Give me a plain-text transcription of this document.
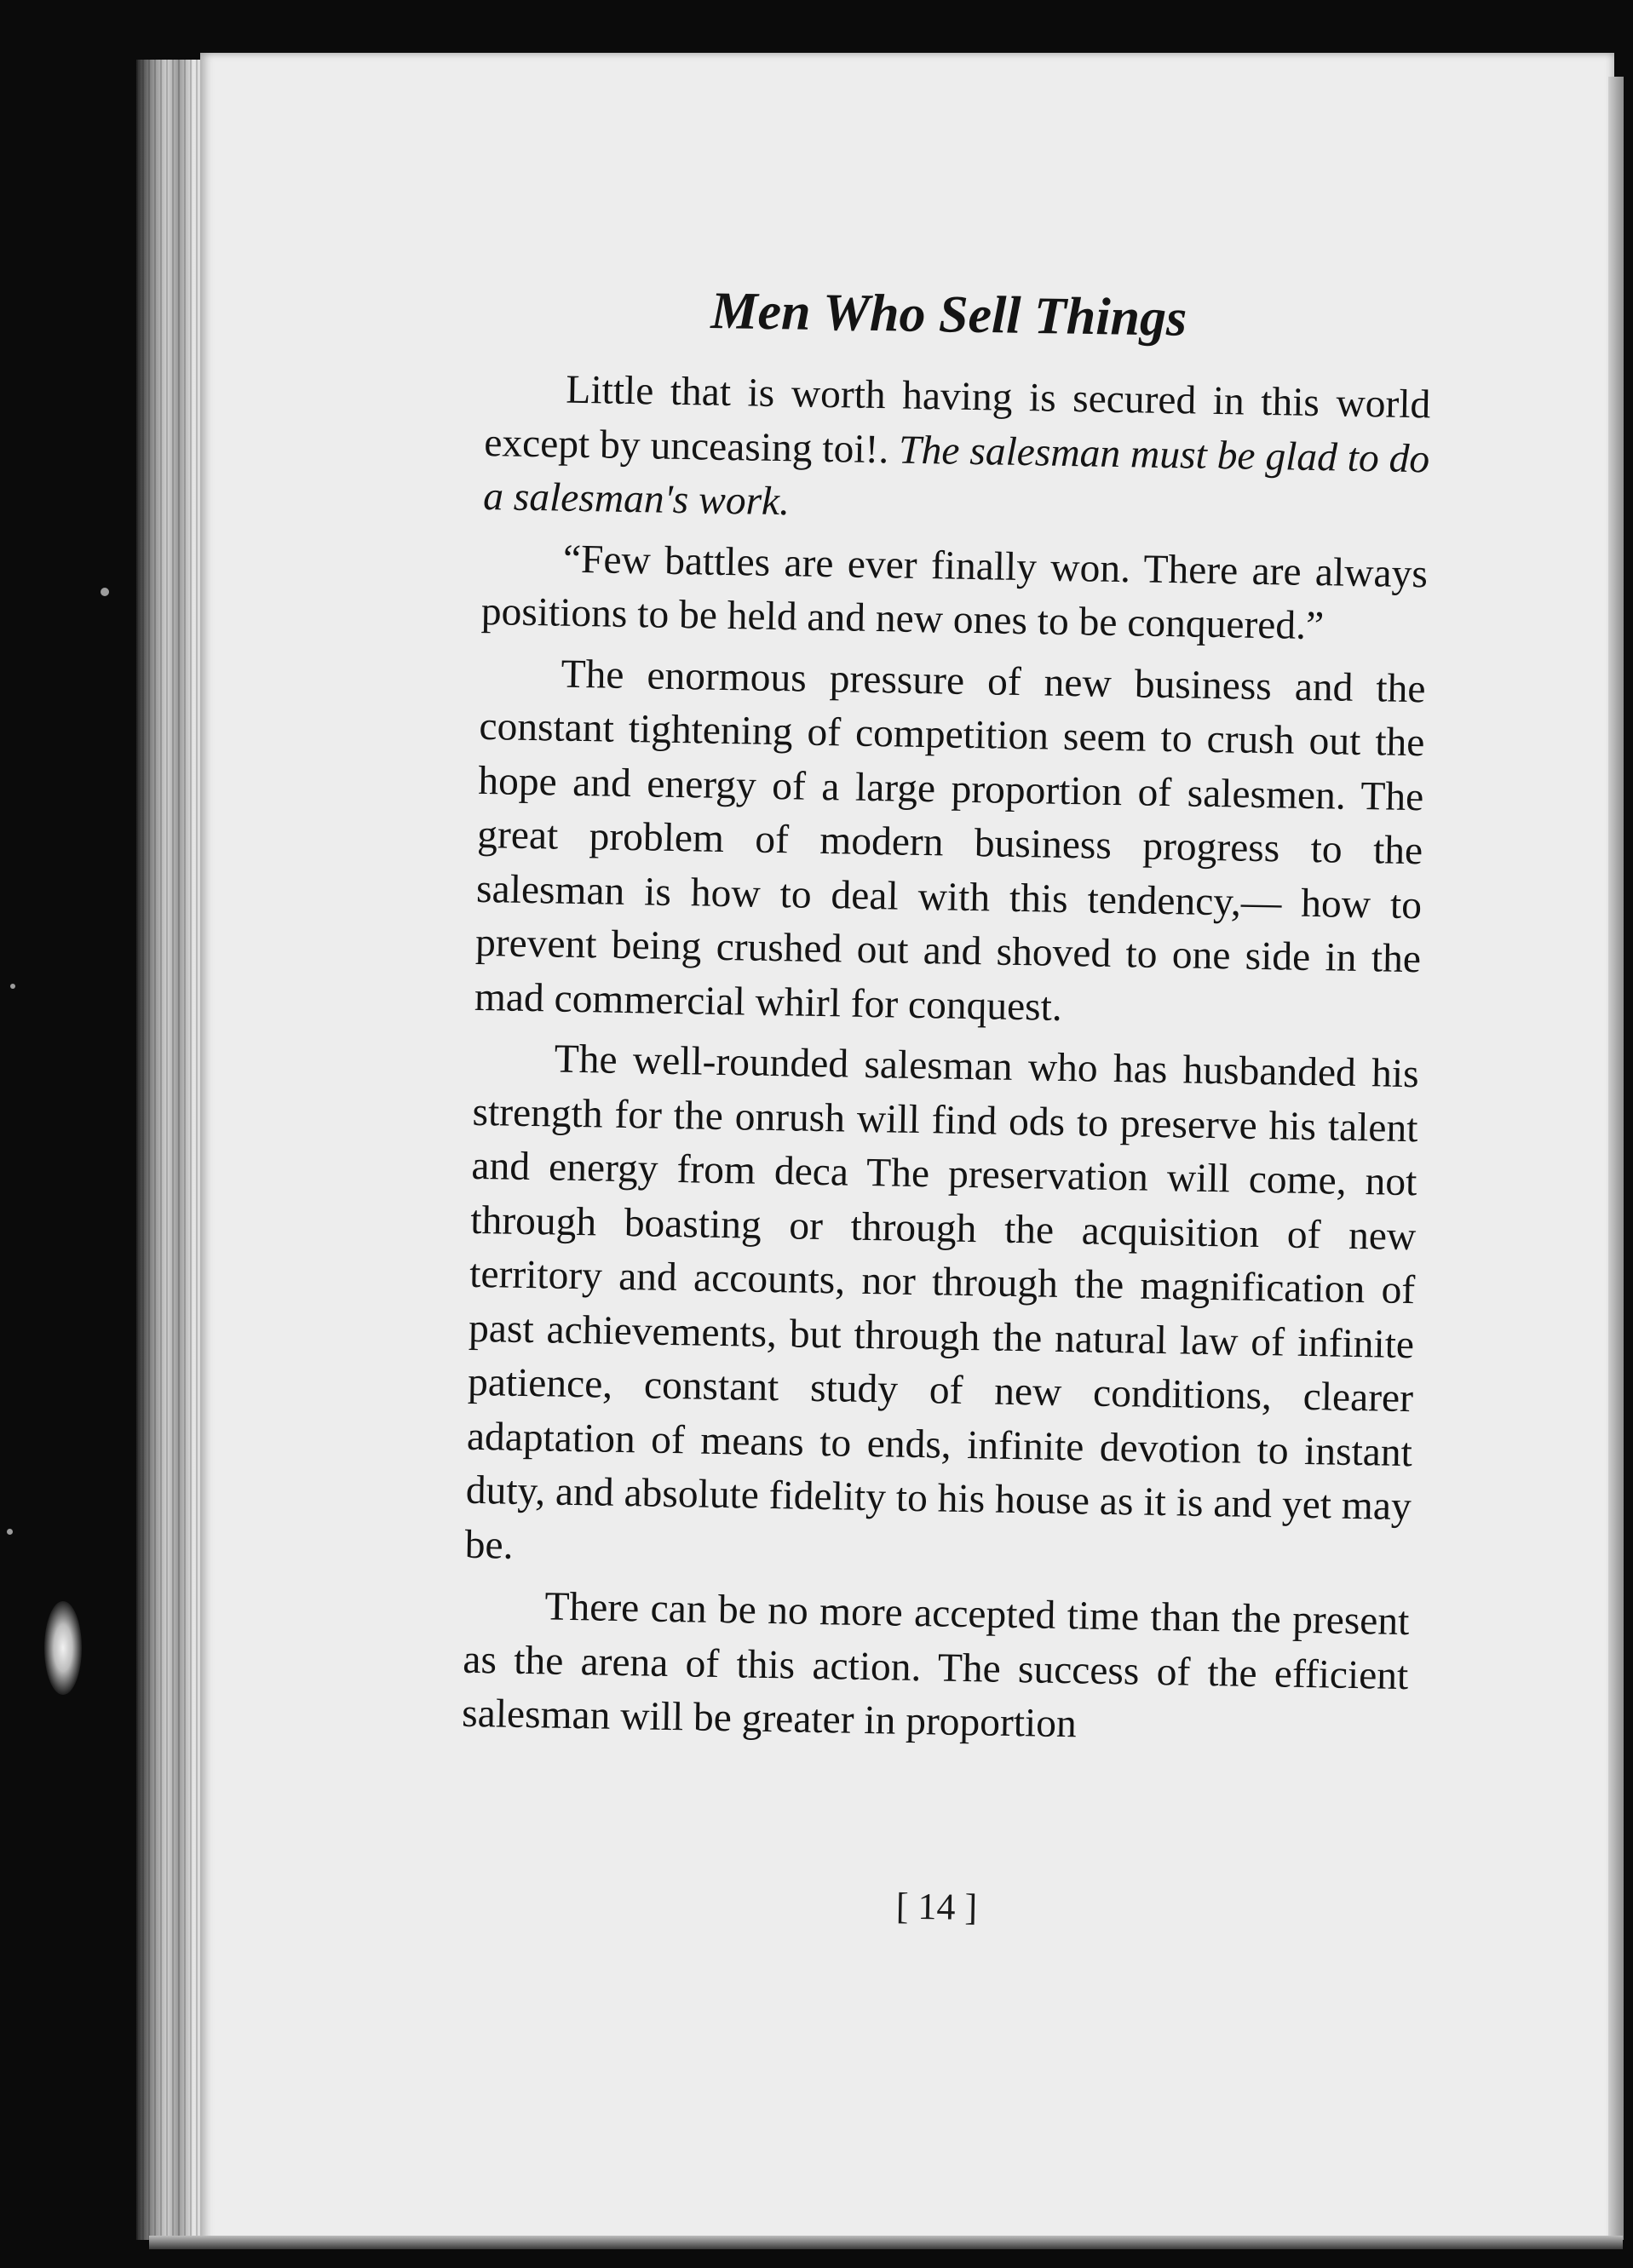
Men Who Sell Things

Little that is worth having is secured in this world except by unceasing toi!. The salesman must be glad to do a salesman's work.

“Few battles are ever finally won. There are always positions to be held and new ones to be conquered.”

The enormous pressure of new business and the constant tightening of competition seem to crush out the hope and energy of a large proportion of salesmen. The great problem of modern business progress to the salesman is how to deal with this tendency,— how to prevent being crushed out and shoved to one side in the mad commercial whirl for conquest.

The well-rounded salesman who has husbanded his strength for the onrush will find ods to preserve his talent and energy from deca The preservation will come, not through boasting or through the acquisition of new territory and accounts, nor through the magnification of past achievements, but through the natural law of infinite patience, constant study of new conditions, clearer adaptation of means to ends, infinite devotion to instant duty, and absolute fidelity to his house as it is and yet may be.

There can be no more accepted time than the present as the arena of this action. The success of the efficient salesman will be greater in proportion

[ 14 ]
